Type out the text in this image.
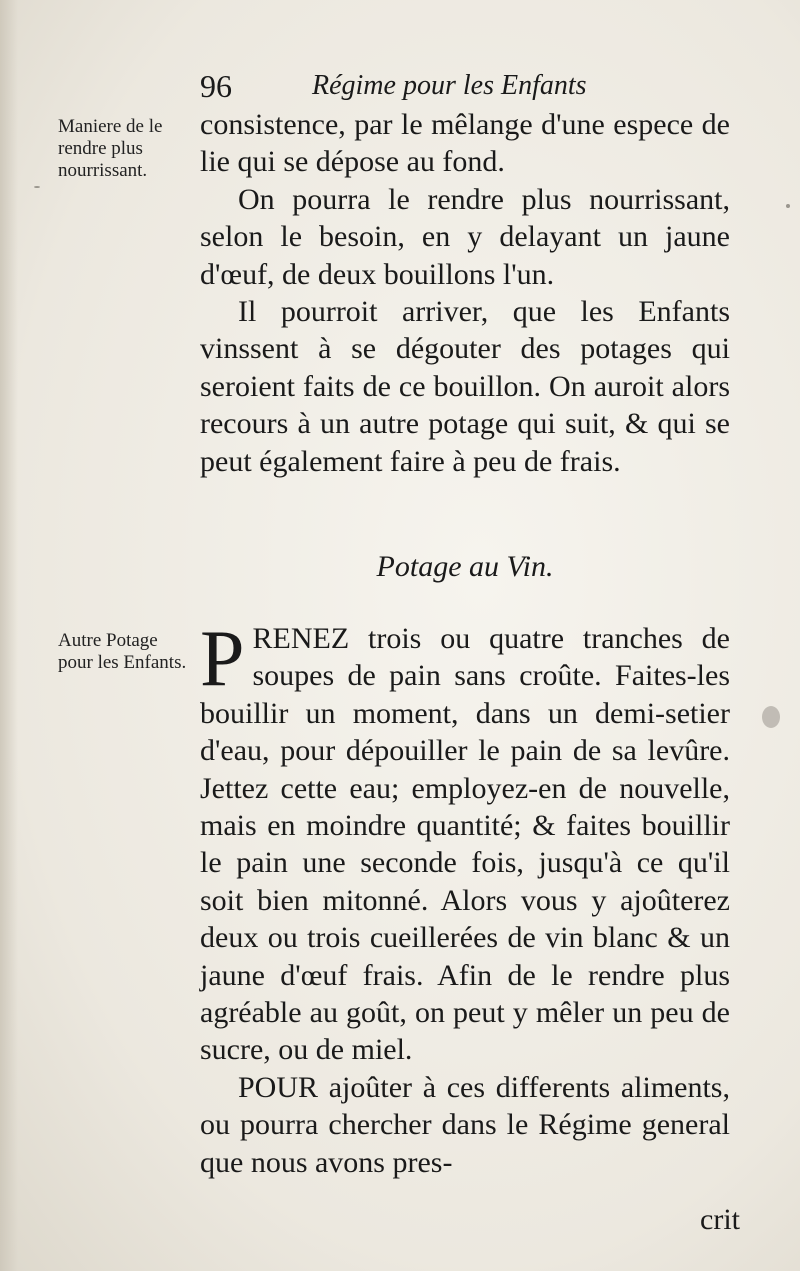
96	Régime pour les Enfants
Maniere de le rendre plus nourrissant.
Autre Potage pour les Enfants.

consistence, par le mêlange d'une espece de lie qui se dépose au fond.

On pourra le rendre plus nourrissant, selon le besoin, en y delayant un jaune d'œuf, de deux bouillons l'un.

Il pourroit arriver, que les Enfants vinssent à se dégouter des potages qui seroient faits de ce bouillon. On auroit alors recours à un autre potage qui suit, & qui se peut également faire à peu de frais.

Potage au Vin.

P RENEZ trois ou quatre tranches de soupes de pain sans croûte. Faites-les bouillir un moment, dans un demi-setier d'eau, pour dépouiller le pain de sa levûre. Jettez cette eau; employez-en de nouvelle, mais en moindre quantité; & faites bouillir le pain une seconde fois, jusqu'à ce qu'il soit bien mitonné. Alors vous y ajoûterez deux ou trois cueillerées de vin blanc & un jaune d'œuf frais. Afin de le rendre plus agréable au goût, on peut y mêler un peu de sucre, ou de miel.

POUR ajoûter à ces differents aliments, ou pourra chercher dans le Régime general que nous avons pres-

crit
